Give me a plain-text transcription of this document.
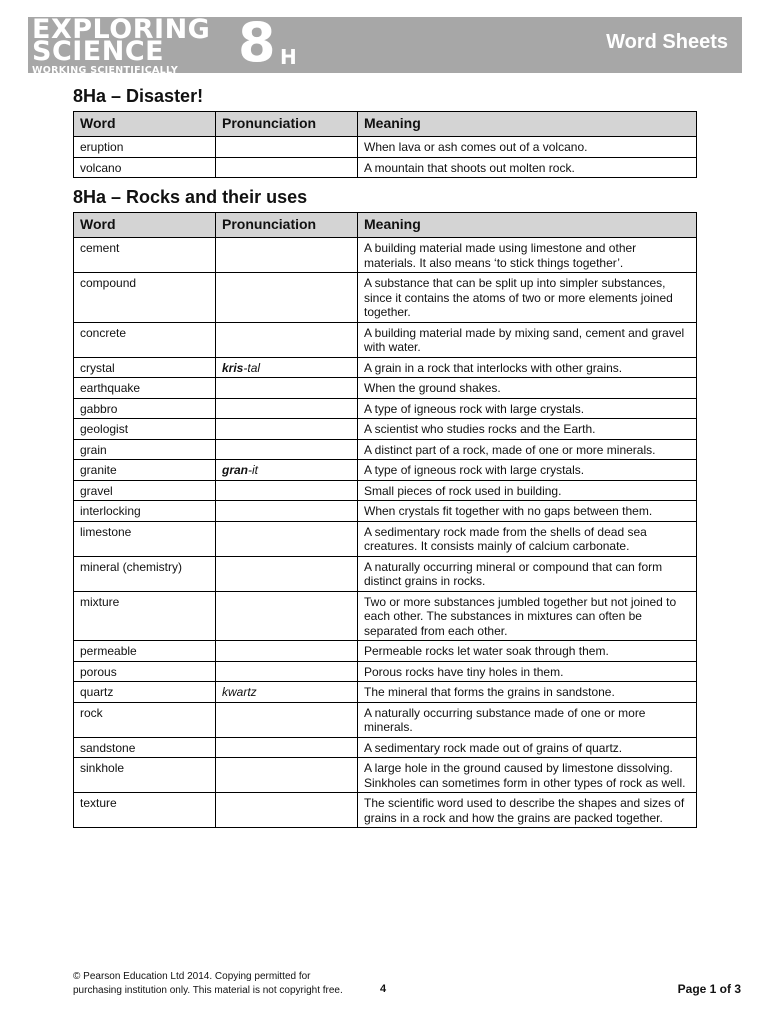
EXPLORING
SCIENCE
WORKING SCIENTIFICALLY	8 H
Word Sheets
8Ha – Disaster!
Word	Pronunciation	Meaning
eruption		When lava or ash comes out of a volcano.
volcano		A mountain that shoots out molten rock.
8Ha – Rocks and their uses
Word	Pronunciation	Meaning
cement		A building material made using limestone and other materials. It also means ‘to stick things together’.
compound		A substance that can be split up into simpler substances, since it contains the atoms of two or more elements joined together.
concrete		A building material made by mixing sand, cement and gravel with water.
crystal	kris-tal	A grain in a rock that interlocks with other grains.
earthquake		When the ground shakes.
gabbro		A type of igneous rock with large crystals.
geologist		A scientist who studies rocks and the Earth.
grain		A distinct part of a rock, made of one or more minerals.
granite	gran-it	A type of igneous rock with large crystals.
gravel		Small pieces of rock used in building.
interlocking		When crystals fit together with no gaps between them.
limestone		A sedimentary rock made from the shells of dead sea creatures. It consists mainly of calcium carbonate.
mineral (chemistry)		A naturally occurring mineral or compound that can form distinct grains in rocks.
mixture		Two or more substances jumbled together but not joined to each other. The substances in mixtures can often be separated from each other.
permeable		Permeable rocks let water soak through them.
porous		Porous rocks have tiny holes in them.
quartz	kwartz	The mineral that forms the grains in sandstone.
rock		A naturally occurring substance made of one or more minerals.
sandstone		A sedimentary rock made out of grains of quartz.
sinkhole		A large hole in the ground caused by limestone dissolving. Sinkholes can sometimes form in other types of rock as well.
texture		The scientific word used to describe the shapes and sizes of grains in a rock and how the grains are packed together.
© Pearson Education Ltd 2014. Copying permitted for
purchasing institution only. This material is not copyright free.	4	Page 1 of 3
